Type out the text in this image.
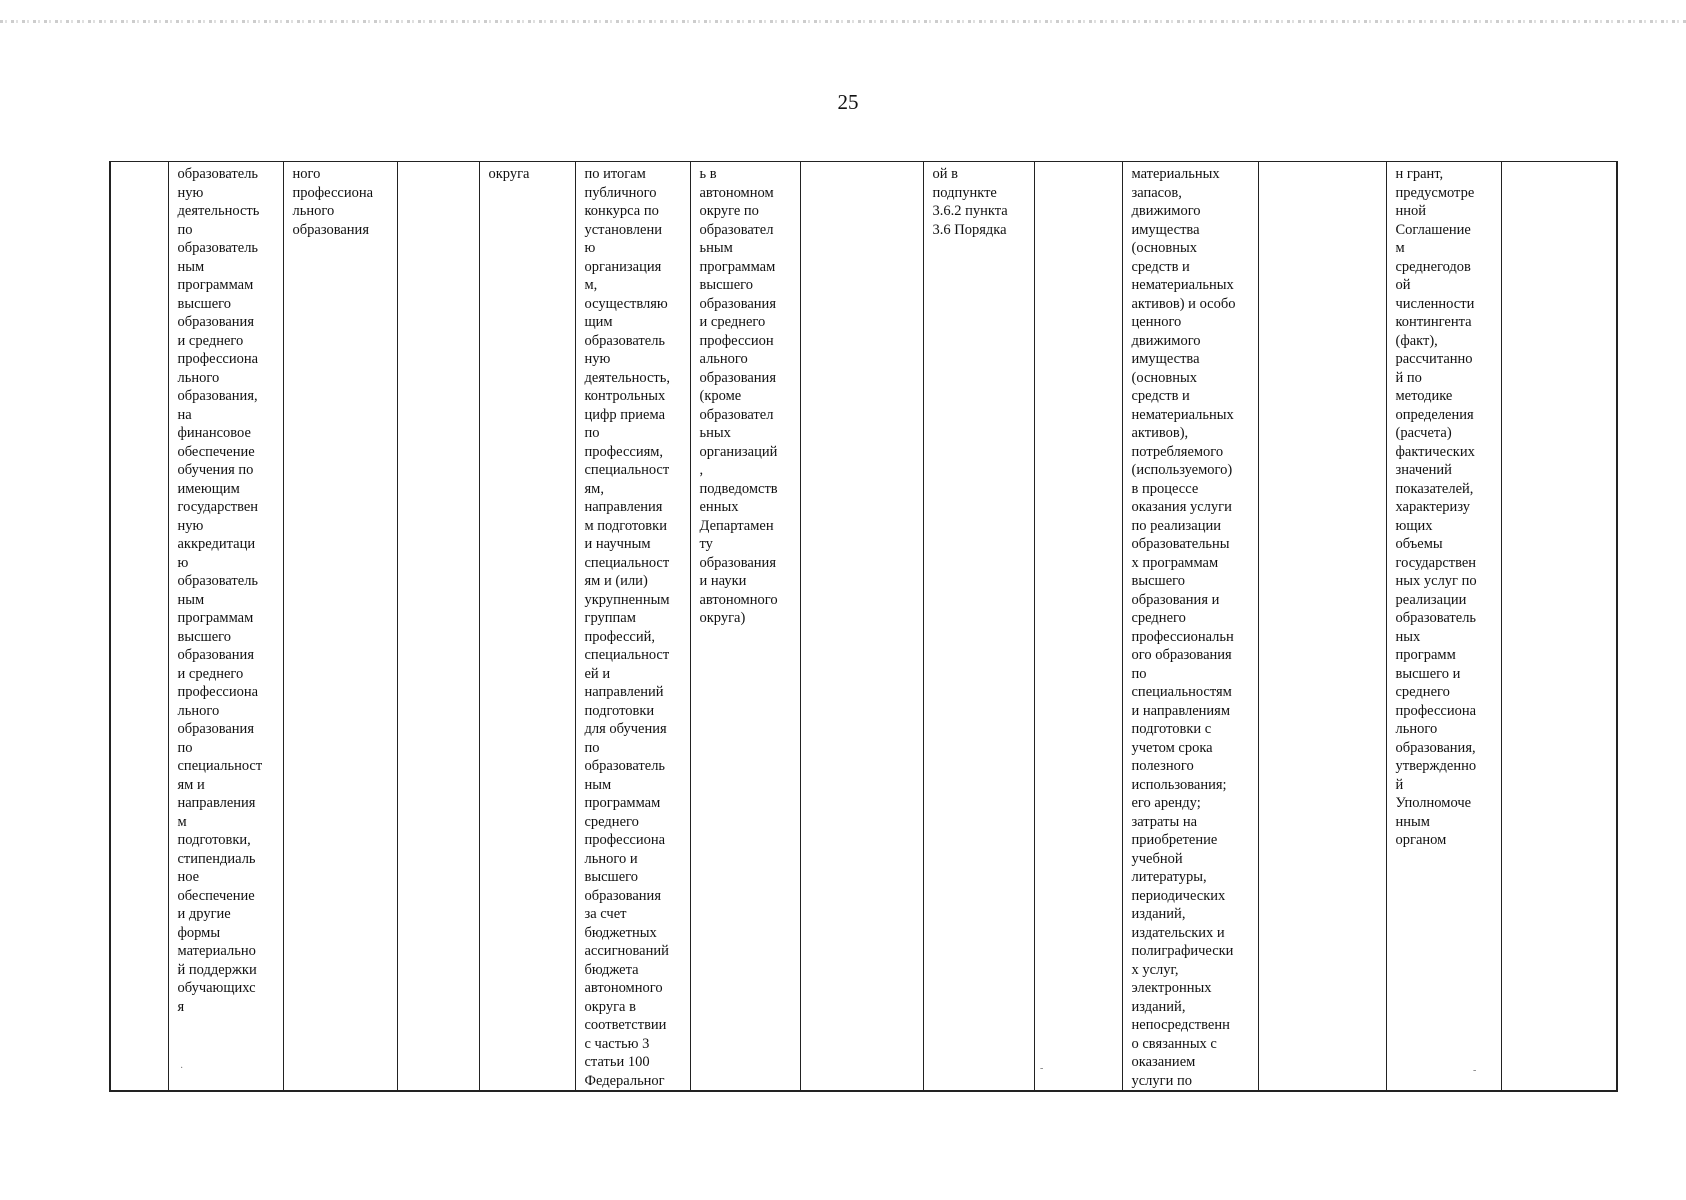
25
	образователь
ную
деятельность
по
образователь
ным
программам
высшего
образования
и среднего
профессиона
льного
образования,
на
финансовое
обеспечение
обучения по
имеющим
государствен
ную
аккредитаци
ю
образователь
ным
программам
высшего
образования
и среднего
профессиона
льного
образования
по
специальност
ям и
направления
м
подготовки,
стипендиаль
ное
обеспечение
и другие
формы
материально
й поддержки
обучающихс
я	ного
профессиона
льного
образования		округа	по итогам
публичного
конкурса по
установлени
ю
организация
м,
осуществляю
щим
образователь
ную
деятельность,
контрольных
цифр приема
по
профессиям,
специальност
ям,
направления
м подготовки
и научным
специальност
ям и (или)
укрупненным
группам
профессий,
специальност
ей и
направлений
подготовки
для обучения
по
образователь
ным
программам
среднего
профессиона
льного и
высшего
образования
за счет
бюджетных
ассигнований
бюджета
автономного
округа в
соответствии
с частью 3
статьи 100
Федеральног	ь в
автономном
округе по
образовател
ьным
программам
высшего
образования
и среднего
профессион
ального
образования
(кроме
образовател
ьных
организаций
,
подведомств
енных
Департамен
ту
образования
и науки
автономного
округа)		ой в
подпункте
3.6.2 пункта
3.6 Порядка		материальных
запасов,
движимого
имущества
(основных
средств и
нематериальных
активов) и особо
ценного
движимого
имущества
(основных
средств и
нематериальных
активов),
потребляемого
(используемого)
в процессе
оказания услуги
по реализации
образовательны
х программам
высшего
образования и
среднего
профессиональн
ого образования
по
специальностям
и направлениям
подготовки с
учетом срока
полезного
использования;
его аренду;
затраты на
приобретение
учебной
литературы,
периодических
изданий,
издательских и
полиграфически
х услуг,
электронных
изданий,
непосредственн
о связанных с
оказанием
услуги по		н грант,
предусмотре
нной
Соглашение
м
среднегодов
ой
численности
контингента
(факт),
рассчитанно
й по
методике
определения
(расчета)
фактических
значений
показателей,
характеризу
ющих
объемы
государствен
ных услуг по
реализации
образователь
ных
программ
высшего и
среднего
профессиона
льного
образования,
утвержденно
й
Уполномоче
нным
органом	
·	-	-
